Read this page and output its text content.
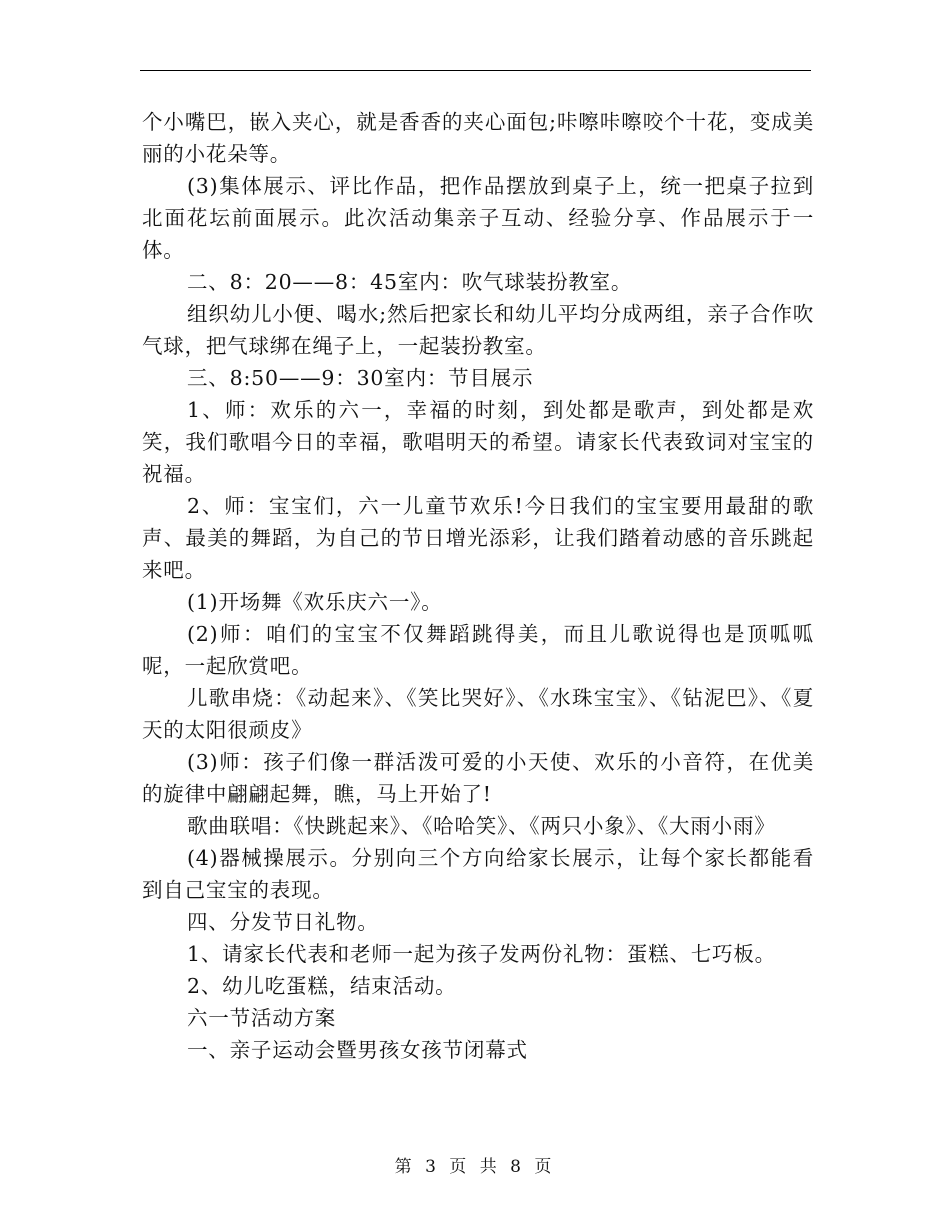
个小嘴巴，嵌入夹心，就是香香的夹心面包;咔嚓咔嚓咬个十花，变成美丽的小花朵等。

(3)集体展示、评比作品，把作品摆放到桌子上，统一把桌子拉到北面花坛前面展示。此次活动集亲子互动、经验分享、作品展示于一体。

二、8：20——8：45室内：吹气球装扮教室。

组织幼儿小便、喝水;然后把家长和幼儿平均分成两组，亲子合作吹气球，把气球绑在绳子上，一起装扮教室。

三、8:50——9：30室内：节目展示

1、师：欢乐的六一，幸福的时刻，到处都是歌声，到处都是欢笑，我们歌唱今日的幸福，歌唱明天的希望。请家长代表致词对宝宝的祝福。

2、师：宝宝们，六一儿童节欢乐!今日我们的宝宝要用最甜的歌声、最美的舞蹈，为自己的节日增光添彩，让我们踏着动感的音乐跳起来吧。

(1)开场舞《欢乐庆六一》。

(2)师：咱们的宝宝不仅舞蹈跳得美，而且儿歌说得也是顶呱呱呢，一起欣赏吧。

儿歌串烧：《动起来》、《笑比哭好》、《水珠宝宝》、《钻泥巴》、《夏天的太阳很顽皮》

(3)师：孩子们像一群活泼可爱的小天使、欢乐的小音符，在优美的旋律中翩翩起舞，瞧，马上开始了!

歌曲联唱：《快跳起来》、《哈哈笑》、《两只小象》、《大雨小雨》

(4)器械操展示。分别向三个方向给家长展示，让每个家长都能看到自己宝宝的表现。

四、分发节日礼物。

1、请家长代表和老师一起为孩子发两份礼物：蛋糕、七巧板。

2、幼儿吃蛋糕，结束活动。

六一节活动方案

一、亲子运动会暨男孩女孩节闭幕式

第 3 页 共 8 页
